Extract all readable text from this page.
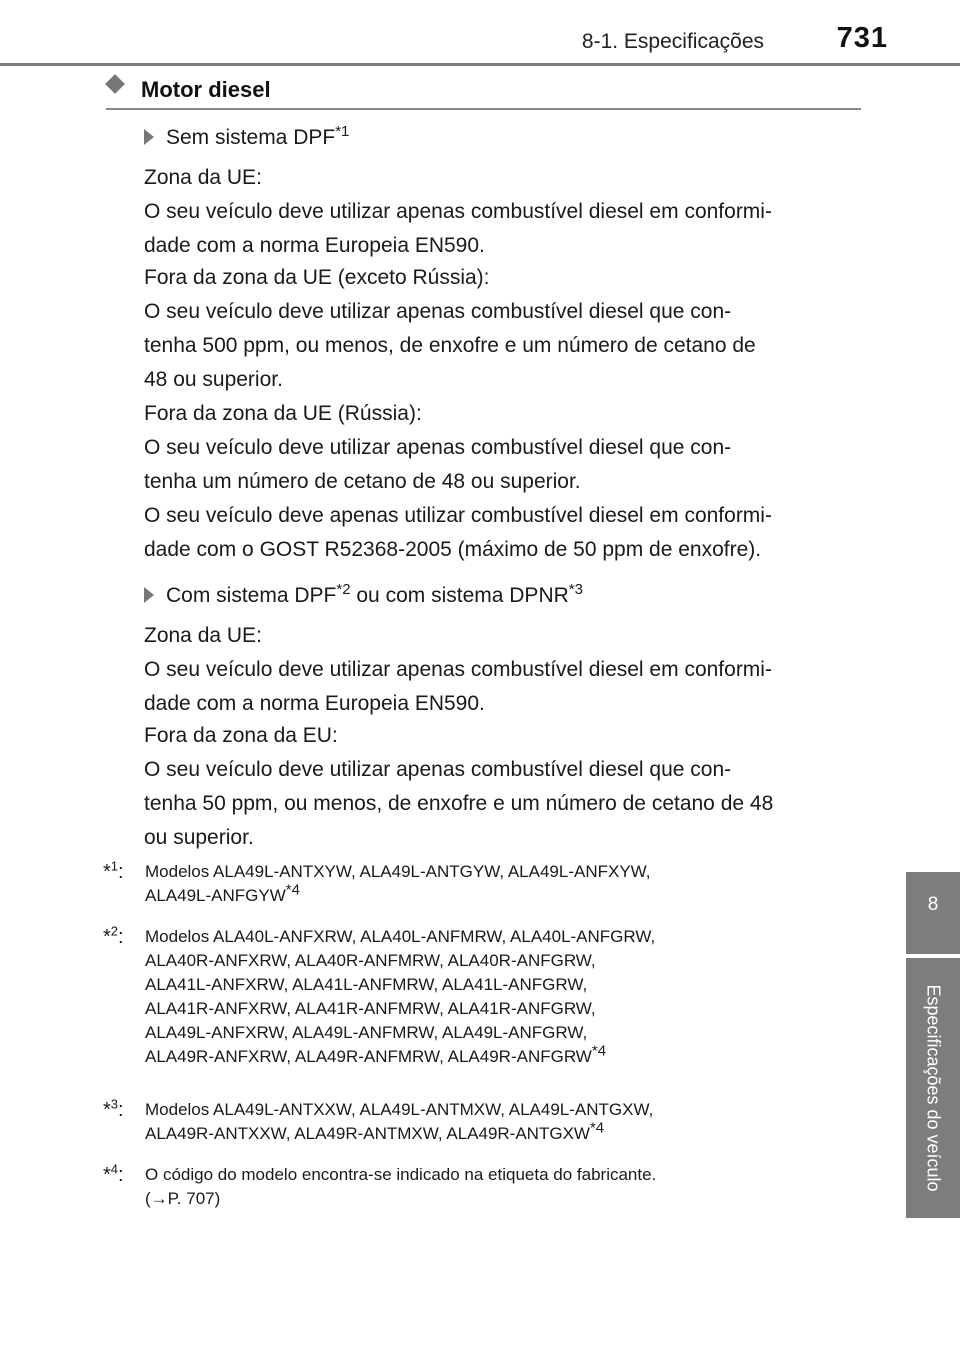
8-1. Especificações	731
8
Especificações do veículo
Motor diesel
Sem sistema DPF$^{*1}$
Zona da UE:
O seu veículo deve utilizar apenas combustível diesel em conformi-
dade com a norma Europeia EN590.
Fora da zona da UE (exceto Rússia):
O seu veículo deve utilizar apenas combustível diesel que con-
tenha 500 ppm, ou menos, de enxofre e um número de cetano de
48 ou superior.
Fora da zona da UE (Rússia):
O seu veículo deve utilizar apenas combustível diesel que con-
tenha um número de cetano de 48 ou superior.
O seu veículo deve apenas utilizar combustível diesel em conformi-
dade com o GOST R52368-2005 (máximo de 50 ppm de enxofre).
Com sistema DPF$^{*2}$ ou com sistema DPNR$^{*3}$
Zona da UE:
O seu veículo deve utilizar apenas combustível diesel em conformi-
dade com a norma Europeia EN590.
Fora da zona da EU:
O seu veículo deve utilizar apenas combustível diesel que con-
tenha 50 ppm, ou menos, de enxofre e um número de cetano de 48
ou superior.
*$^1$: Modelos ALA49L-ANTXYW, ALA49L-ANTGYW, ALA49L-ANFXYW,
ALA49L-ANFGYW$^{*4}$
*$^2$: Modelos ALA40L-ANFXRW, ALA40L-ANFMRW, ALA40L-ANFGRW,
ALA40R-ANFXRW, ALA40R-ANFMRW, ALA40R-ANFGRW,
ALA41L-ANFXRW, ALA41L-ANFMRW, ALA41L-ANFGRW,
ALA41R-ANFXRW, ALA41R-ANFMRW, ALA41R-ANFGRW,
ALA49L-ANFXRW, ALA49L-ANFMRW, ALA49L-ANFGRW,
ALA49R-ANFXRW, ALA49R-ANFMRW, ALA49R-ANFGRW$^{*4}$
*$^3$: Modelos ALA49L-ANTXXW, ALA49L-ANTMXW, ALA49L-ANTGXW,
ALA49R-ANTXXW, ALA49R-ANTMXW, ALA49R-ANTGXW$^{*4}$
*$^4$: O código do modelo encontra-se indicado na etiqueta do fabricante.
(→P. 707)
